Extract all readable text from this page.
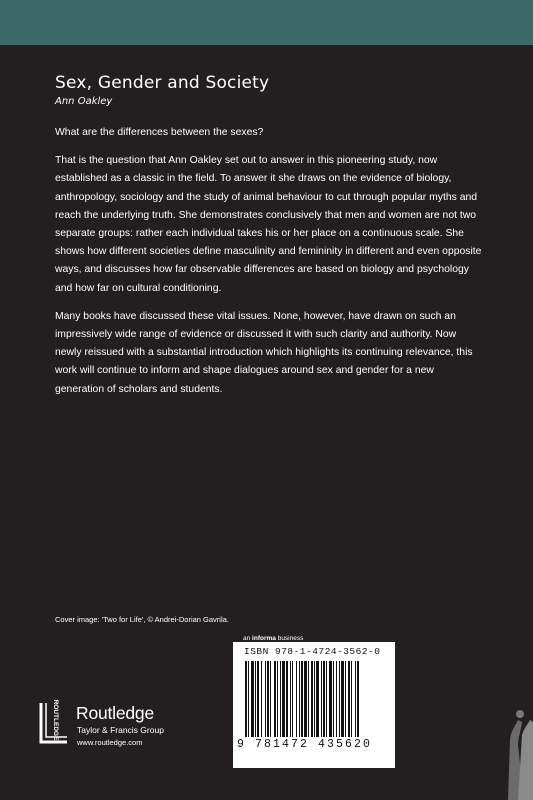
Sex, Gender and Society
Ann Oakley

What are the differences between the sexes?

That is the question that Ann Oakley set out to answer in this pioneering study, now established as a classic in the field. To answer it she draws on the evidence of biology, anthropology, sociology and the study of animal behaviour to cut through popular myths and reach the underlying truth. She demonstrates conclusively that men and women are not two separate groups: rather each individual takes his or her place on a continuous scale. She shows how different societies define masculinity and femininity in different and even opposite ways, and discusses how far observable differences are based on biology and psychology and how far on cultural conditioning.

Many books have discussed these vital issues. None, however, have drawn on such an impressively wide range of evidence or discussed it with such clarity and authority. Now newly reissued with a substantial introduction which highlights its continuing relevance, this work will continue to inform and shape dialogues around sex and gender for a new generation of scholars and students.

Cover image: 'Two for Life', © Andrei-Dorian Gavrila.
an informa business
ISBN 978-1-4724-3562-0
9 781472 435620
ROUTLEDGE Routledge
Taylor & Francis Group
www.routledge.com
